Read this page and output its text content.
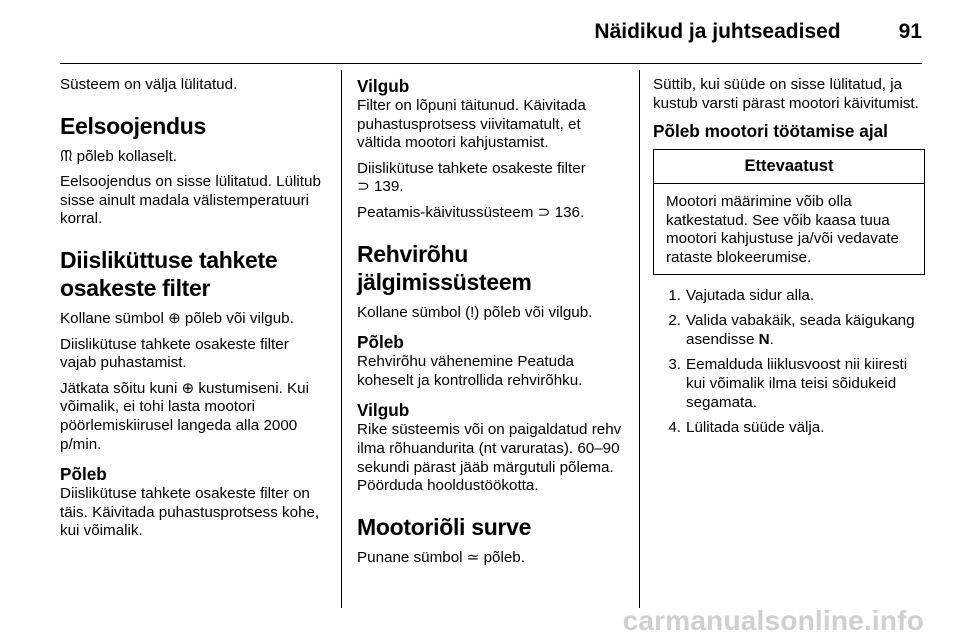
Näidikud ja juhtseadised	91

Süsteem on välja lülitatud.

Eelsoojendus

ᙏ põleb kollaselt.

Eelsoojendus on sisse lülitatud. Lülitub sisse ainult madala välistemperatuuri korral.

Diisliküttuse tahkete osakeste filter

Kollane sümbol ⊕ põleb või vilgub.

Diislikütuse tahkete osakeste filter vajab puhastamist.

Jätkata sõitu kuni ⊕ kustumiseni. Kui võimalik, ei tohi lasta mootori pöörlemiskiirusel langeda alla 2000 p/min.

Põleb

Diislikütuse tahkete osakeste filter on täis. Käivitada puhastusprotsess kohe, kui võimalik.

Vilgub

Filter on lõpuni täitunud. Käivitada puhastusprotsess viivitamatult, et vältida mootori kahjustamist.

Diislikütuse tahkete osakeste filter
⊃ 139.

Peatamis-käivitussüsteem ⊃ 136.

Rehvirõhu jälgimissüsteem

Kollane sümbol (!) põleb või vilgub.

Põleb

Rehvirõhu vähenemine Peatuda koheselt ja kontrollida rehvirõhku.

Vilgub

Rike süsteemis või on paigaldatud rehv ilma rõhuandurita (nt varuratas). 60–90 sekundi pärast jääb märgutuli põlema. Pöörduda hooldustöökotta.

Mootoriõli surve

Punane sümbol ≃ põleb.

Süttib, kui süüde on sisse lülitatud, ja kustub varsti pärast mootori käivitumist.

Põleb mootori töötamise ajal
Ettevaatust
Mootori määrimine võib olla katkestatud. See võib kaasa tuua mootori kahjustuse ja/või vedavate rataste blokeerumise.
1. Vajutada sidur alla.
2. Valida vabakäik, seada käigukang asendisse N.
3. Eemalduda liiklusvoost nii kiiresti kui võimalik ilma teisi sõidukeid segamata.
4. Lülitada süüde välja.
carmanualsonline.info
